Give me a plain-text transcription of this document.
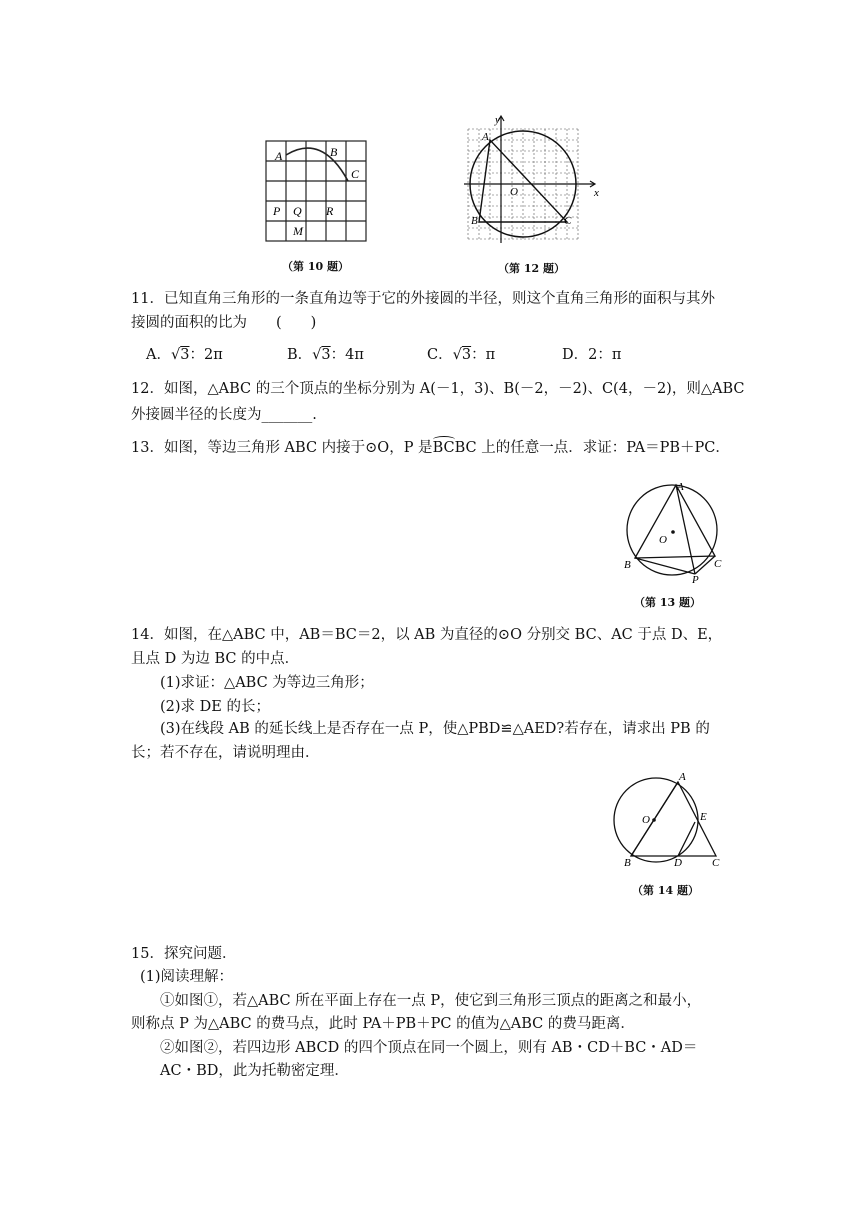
A	B
C
P Q R
M
（第 10 题）
y
x
O
A
B	C
（第 12 题）
11．已知直角三角形的一条直角边等于它的外接圆的半径，则这个直角三角形的面积与其外
接圆的面积的比为　　(　　)
A．√3：2π	B．√3：4π	C．√3：π	D．2：π
12．如图，△ABC 的三个顶点的坐标分别为 A(－1，3)、B(－2，－2)、C(4，－2)，则△ABC
外接圆半径的长度为_______.
13．如图，等边三角形 ABC 内接于⊙O，P 是
BCBC 上的任意一点．求证：PA＝PB＋PC．
A
O
B	C
P
（第 13 题）
14．如图，在△ABC 中，AB＝BC＝2，以 AB 为直径的⊙O 分别交 BC、AC 于点 D、E，
且点 D 为边 BC 的中点．
(1)求证：△ABC 为等边三角形；
(2)求 DE 的长；
(3)在线段 AB 的延长线上是否存在一点 P，使△PBD≌△AED?若存在，请求出 PB 的
长；若不存在，请说明理由．
A
O	E
B	D	C
（第 14 题）
15．探究问题．
(1)阅读理解：
①如图①，若△ABC 所在平面上存在一点 P，使它到三角形三顶点的距离之和最小，
则称点 P 为△ABC 的费马点，此时 PA＋PB＋PC 的值为△ABC 的费马距离．
②如图②，若四边形 ABCD 的四个顶点在同一个圆上，则有 AB・CD＋BC・AD＝
AC・BD，此为托勒密定理．
